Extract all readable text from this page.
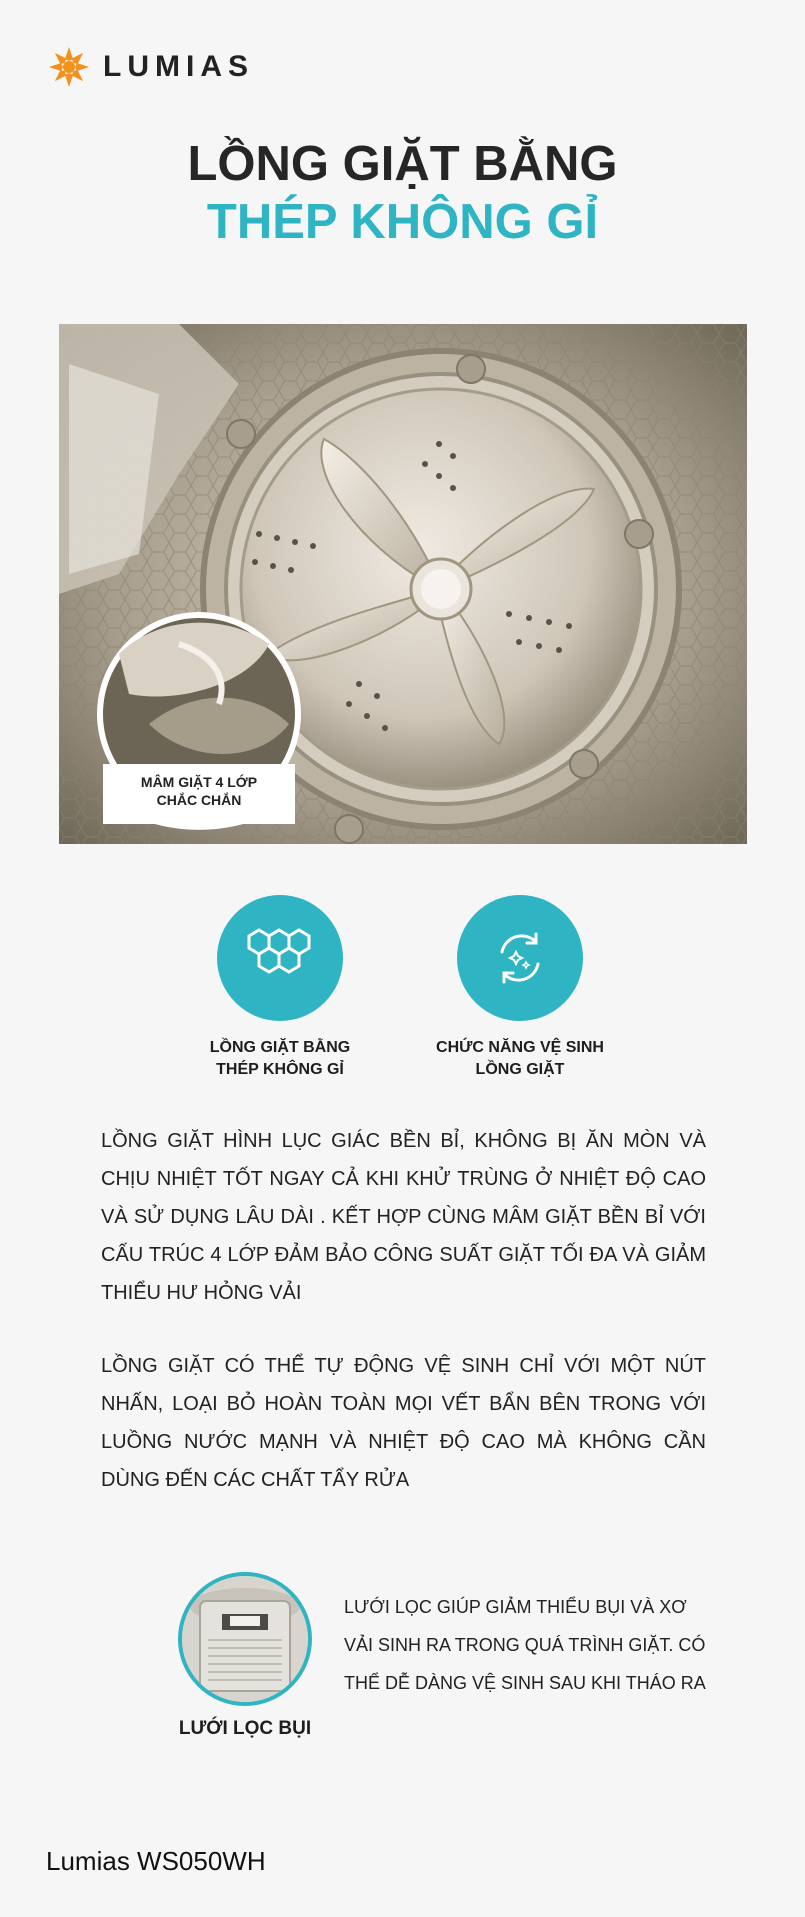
LUMIAS
LỒNG GIẶT BẰNG
THÉP KHÔNG GỈ
MÂM GIẶT 4 LỚP
CHẮC CHẮN
LỒNG GIẶT BẰNG
THÉP KHÔNG GỈ
CHỨC NĂNG VỆ SINH
LỒNG GIẶT
LỒNG GIẶT HÌNH LỤC GIÁC BỀN BỈ, KHÔNG BỊ ĂN MÒN VÀ CHỊU NHIỆT TỐT NGAY CẢ KHI KHỬ TRÙNG Ở NHIỆT ĐỘ CAO VÀ SỬ DỤNG LÂU DÀI . KẾT HỢP CÙNG MÂM GIẶT BỀN BỈ VỚI CẤU TRÚC 4 LỚP ĐẢM BẢO CÔNG SUẤT GIẶT TỐI ĐA VÀ GIẢM THIỂU HƯ HỎNG VẢI
LỒNG GIẶT CÓ THỂ TỰ ĐỘNG VỆ SINH CHỈ VỚI MỘT NÚT NHẤN, LOẠI BỎ HOÀN TOÀN MỌI VẾT BẨN BÊN TRONG VỚI LUỒNG NƯỚC MẠNH VÀ NHIỆT ĐỘ CAO MÀ KHÔNG CẦN DÙNG ĐẾN CÁC CHẤT TẨY RỬA
LƯỚI LỌC BỤI
LƯỚI LỌC GIÚP GIẢM THIỂU BỤI VÀ XƠ
VẢI SINH RA TRONG QUÁ TRÌNH GIẶT. CÓ
THỂ DỄ DÀNG VỆ SINH SAU KHI THÁO RA
Lumias WS050WH
